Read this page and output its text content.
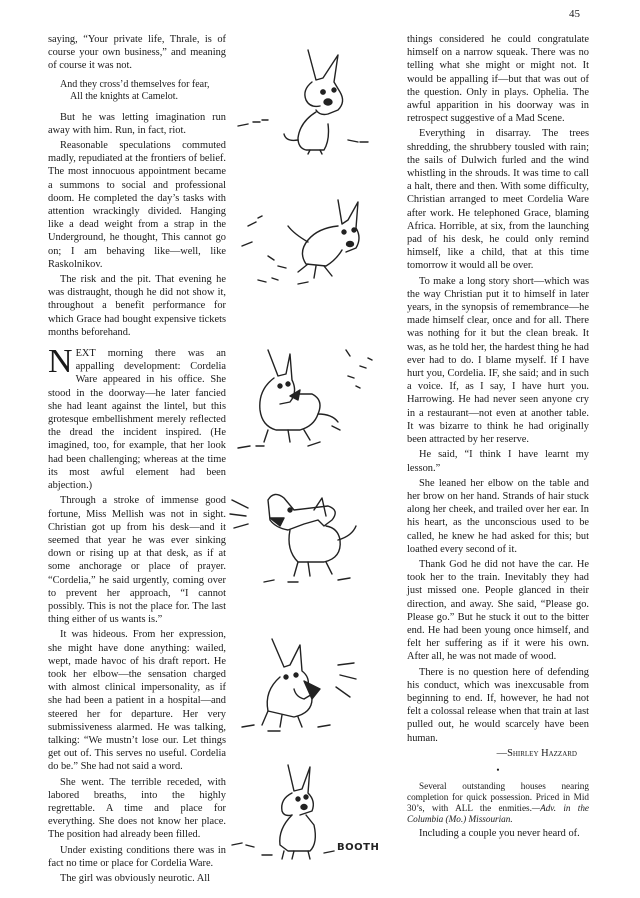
45

saying, “Your private life, Thrale, is of course your own business,” and meaning of course it was not.

And they cross’d themselves for fear,
All the knights at Camelot.

But he was letting imagination run away with him. Run, in fact, riot.

Reasonable speculations commuted madly, repudiated at the frontiers of belief. The most innocuous appointment became a summons to social and professional doom. He completed the day’s tasks with attention wrackingly divided. Hanging like a dead weight from a strap in the Underground, he thought, This cannot go on; I am behaving like—well, like Raskolnikov.

The risk and the pit. That evening he was distraught, though he did not show it, throughout a benefit performance for which Grace had bought expensive tickets months beforehand.

NEXT morning there was an appalling development: Cordelia Ware appeared in his office. She stood in the doorway—he later fancied she had leant against the lintel, but this grotesque embellishment merely reflected the dread the incident inspired. (He imagined, too, for example, that her look had been challenging; whereas at the time its most awful element had been abjection.)

Through a stroke of immense good fortune, Miss Mellish was not in sight. Christian got up from his desk—and it seemed that year he was ever sinking down or rising up at that desk, as if at some anchorage or place of prayer. “Cordelia,” he said urgently, coming over to prevent her approach, “I cannot possibly. This is not the place for. The last thing either of us wants is.”

It was hideous. From her expression, she might have done anything: wailed, wept, made havoc of his draft report. He took her elbow—the sensation charged with almost clinical impersonality, as if she had been a patient in a hospital—and steered her for departure. Her very submissiveness alarmed. He was talking, talking: “We mustn’t lose our. Let things get out of. This serves no useful. Cordelia do be.” She had not said a word.

She went. The terrible receded, with labored breaths, into the highly regrettable. A time and place for everything. She does not know her place. The position had already been filled.

Under existing conditions there was in fact no time or place for Cordelia Ware.

The girl was obviously neurotic. All

BOOTH

things considered he could congratulate himself on a narrow squeak. There was no telling what she might or might not. It would be appalling if—but that was out of the question. Only in plays. Ophelia. The awful apparition in his doorway was in retrospect suggestive of a Mad Scene.

Everything in disarray. The trees shredding, the shrubbery tousled with rain; the sails of Dulwich furled and the wind whistling in the shrouds. It was time to call a halt, there and then. With some difficulty, Christian arranged to meet Cordelia Ware after work. He telephoned Grace, blaming Africa. Horrible, at six, from the launching pad of his desk, he could only remind himself, like a child, that at this time tomorrow it would all be over.

To make a long story short—which was the way Christian put it to himself in later years, in the synopsis of remembrance—he made himself clear, once and for all. There was nothing for it but the clean break. It was, as he told her, the hardest thing he had ever had to do. I blame myself. If I have hurt you, Cordelia. IF, she said; and in such a voice. If, as I say, I have hurt you. Harrowing. He had never seen anyone cry in a restaurant—not even at another table. It was bizarre to think he had originally been attracted by her reserve.

He said, “I think I have learnt my lesson.”

She leaned her elbow on the table and her brow on her hand. Strands of hair stuck along her cheek, and trailed over her ear. In his heart, as the unconscious used to be called, he knew he had asked for this; but loathed every second of it.

Thank God he did not have the car. He took her to the train. Inevitably they had just missed one. People glanced in their direction, and away. She said, “Please go. Please go.” But he stuck it out to the bitter end. He had been young once himself, and felt her suffering as if it were his own. After all, he was not made of wood.

There is no question here of defending his conduct, which was inexcusable from beginning to end. If, however, he had not felt a colossal release when that train at last pulled out, he would scarcely have been human.

—Shirley Hazzard
•

Several outstanding houses nearing completion for quick possession. Priced in Mid 30’s, with ALL the enmities.—Adv. in the Columbia (Mo.) Missourian.

Including a couple you never heard of.
